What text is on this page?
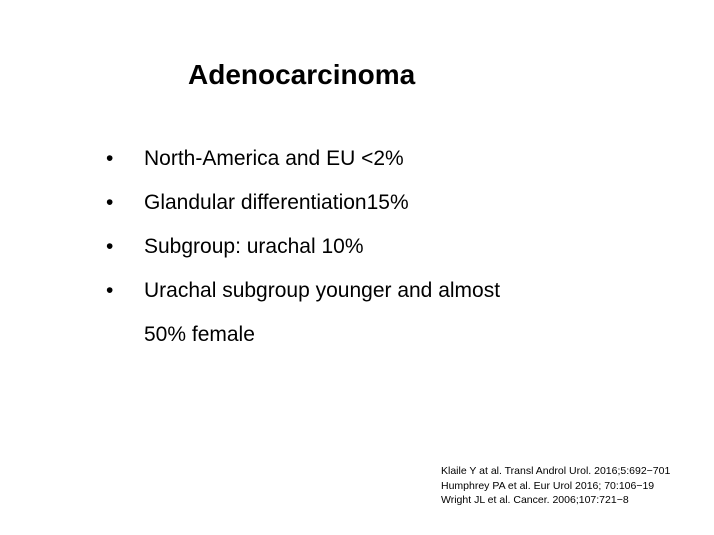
Adenocarcinoma
•	North-America and EU <2%
•	Glandular differentiation15%
•	Subgroup: urachal 10%
•	Urachal subgroup younger and almost
50% female
Klaile Y at al. Transl Androl Urol. 2016;5:692−701
Humphrey PA et al. Eur Urol 2016; 70:106−19
Wright JL et al. Cancer. 2006;107:721−8
